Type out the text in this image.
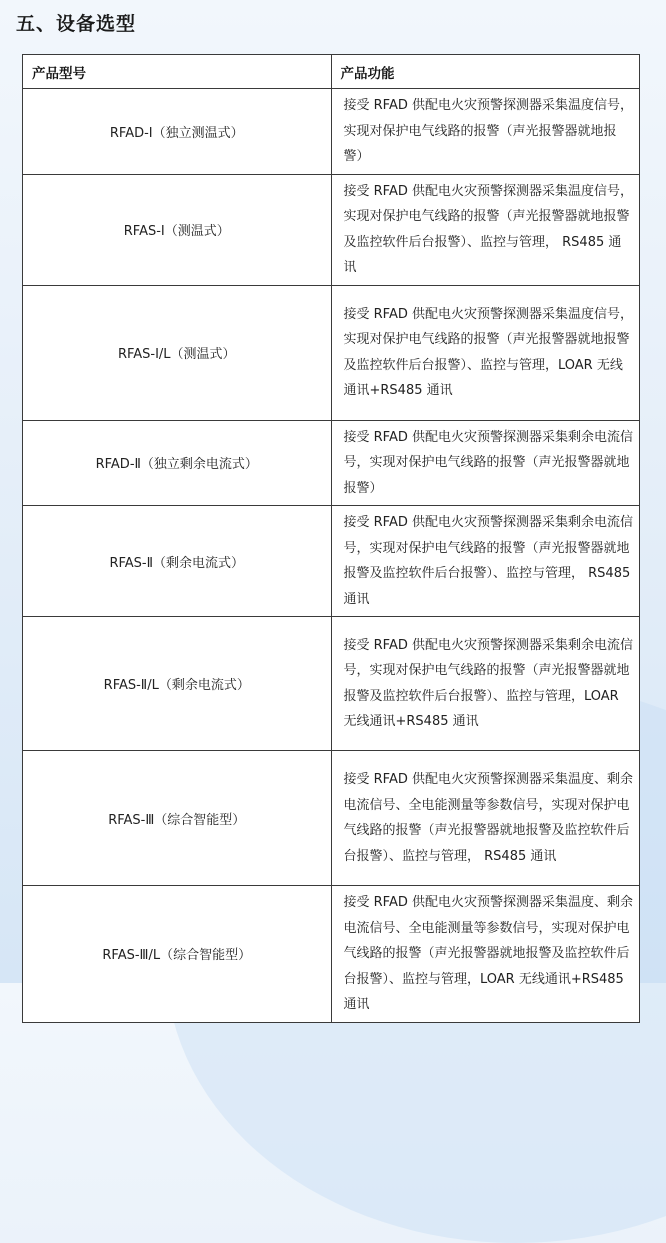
五、设备选型
产品型号	产品功能
RFAD-Ⅰ（独立测温式）	接受 RFAD 供配电火灾预警探测器采集温度信号，实现对保护电气线路的报警（声光报警器就地报警）
RFAS-Ⅰ（测温式）	接受 RFAD 供配电火灾预警探测器采集温度信号，实现对保护电气线路的报警（声光报警器就地报警及监控软件后台报警）、监控与管理， RS485 通讯
RFAS-Ⅰ/L（测温式）	接受 RFAD 供配电火灾预警探测器采集温度信号，实现对保护电气线路的报警（声光报警器就地报警及监控软件后台报警）、监控与管理，LOAR 无线通讯+RS485 通讯
RFAD-Ⅱ（独立剩余电流式）	接受 RFAD 供配电火灾预警探测器采集剩余电流信号，实现对保护电气线路的报警（声光报警器就地报警）
RFAS-Ⅱ（剩余电流式）	接受 RFAD 供配电火灾预警探测器采集剩余电流信号，实现对保护电气线路的报警（声光报警器就地报警及监控软件后台报警）、监控与管理， RS485 通讯
RFAS-Ⅱ/L（剩余电流式）	接受 RFAD 供配电火灾预警探测器采集剩余电流信号，实现对保护电气线路的报警（声光报警器就地报警及监控软件后台报警）、监控与管理，LOAR 无线通讯+RS485 通讯
RFAS-Ⅲ（综合智能型）	接受 RFAD 供配电火灾预警探测器采集温度、剩余电流信号、全电能测量等参数信号，实现对保护电气线路的报警（声光报警器就地报警及监控软件后台报警）、监控与管理， RS485 通讯
RFAS-Ⅲ/L（综合智能型）	接受 RFAD 供配电火灾预警探测器采集温度、剩余电流信号、全电能测量等参数信号，实现对保护电气线路的报警（声光报警器就地报警及监控软件后台报警）、监控与管理，LOAR 无线通讯+RS485 通讯
